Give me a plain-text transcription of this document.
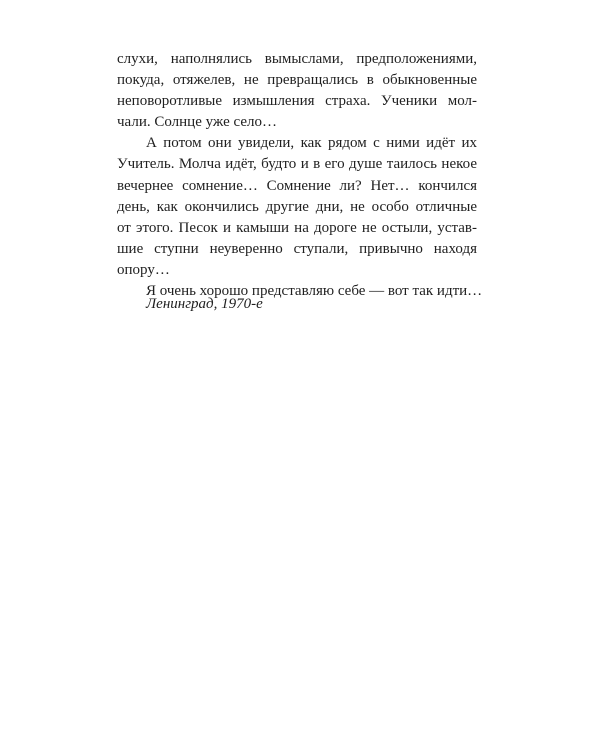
слухи, наполнялись вымыслами, предположениями,
покуда, отяжелев, не превращались в обыкновенные
неповоротливые измышления страха. Ученики мол-
чали. Солнце уже село…
А потом они увидели, как рядом с ними идёт их
Учитель. Молча идёт, будто и в его душе таилось некое
вечернее сомнение… Сомнение ли? Нет… кончился
день, как окончились другие дни, не особо отличные
от этого. Песок и камыши на дороге не остыли, устав-
шие ступни неуверенно ступали, привычно находя
опору…
Я очень хорошо представляю себе — вот так идти…
Ленинград, 1970-е
